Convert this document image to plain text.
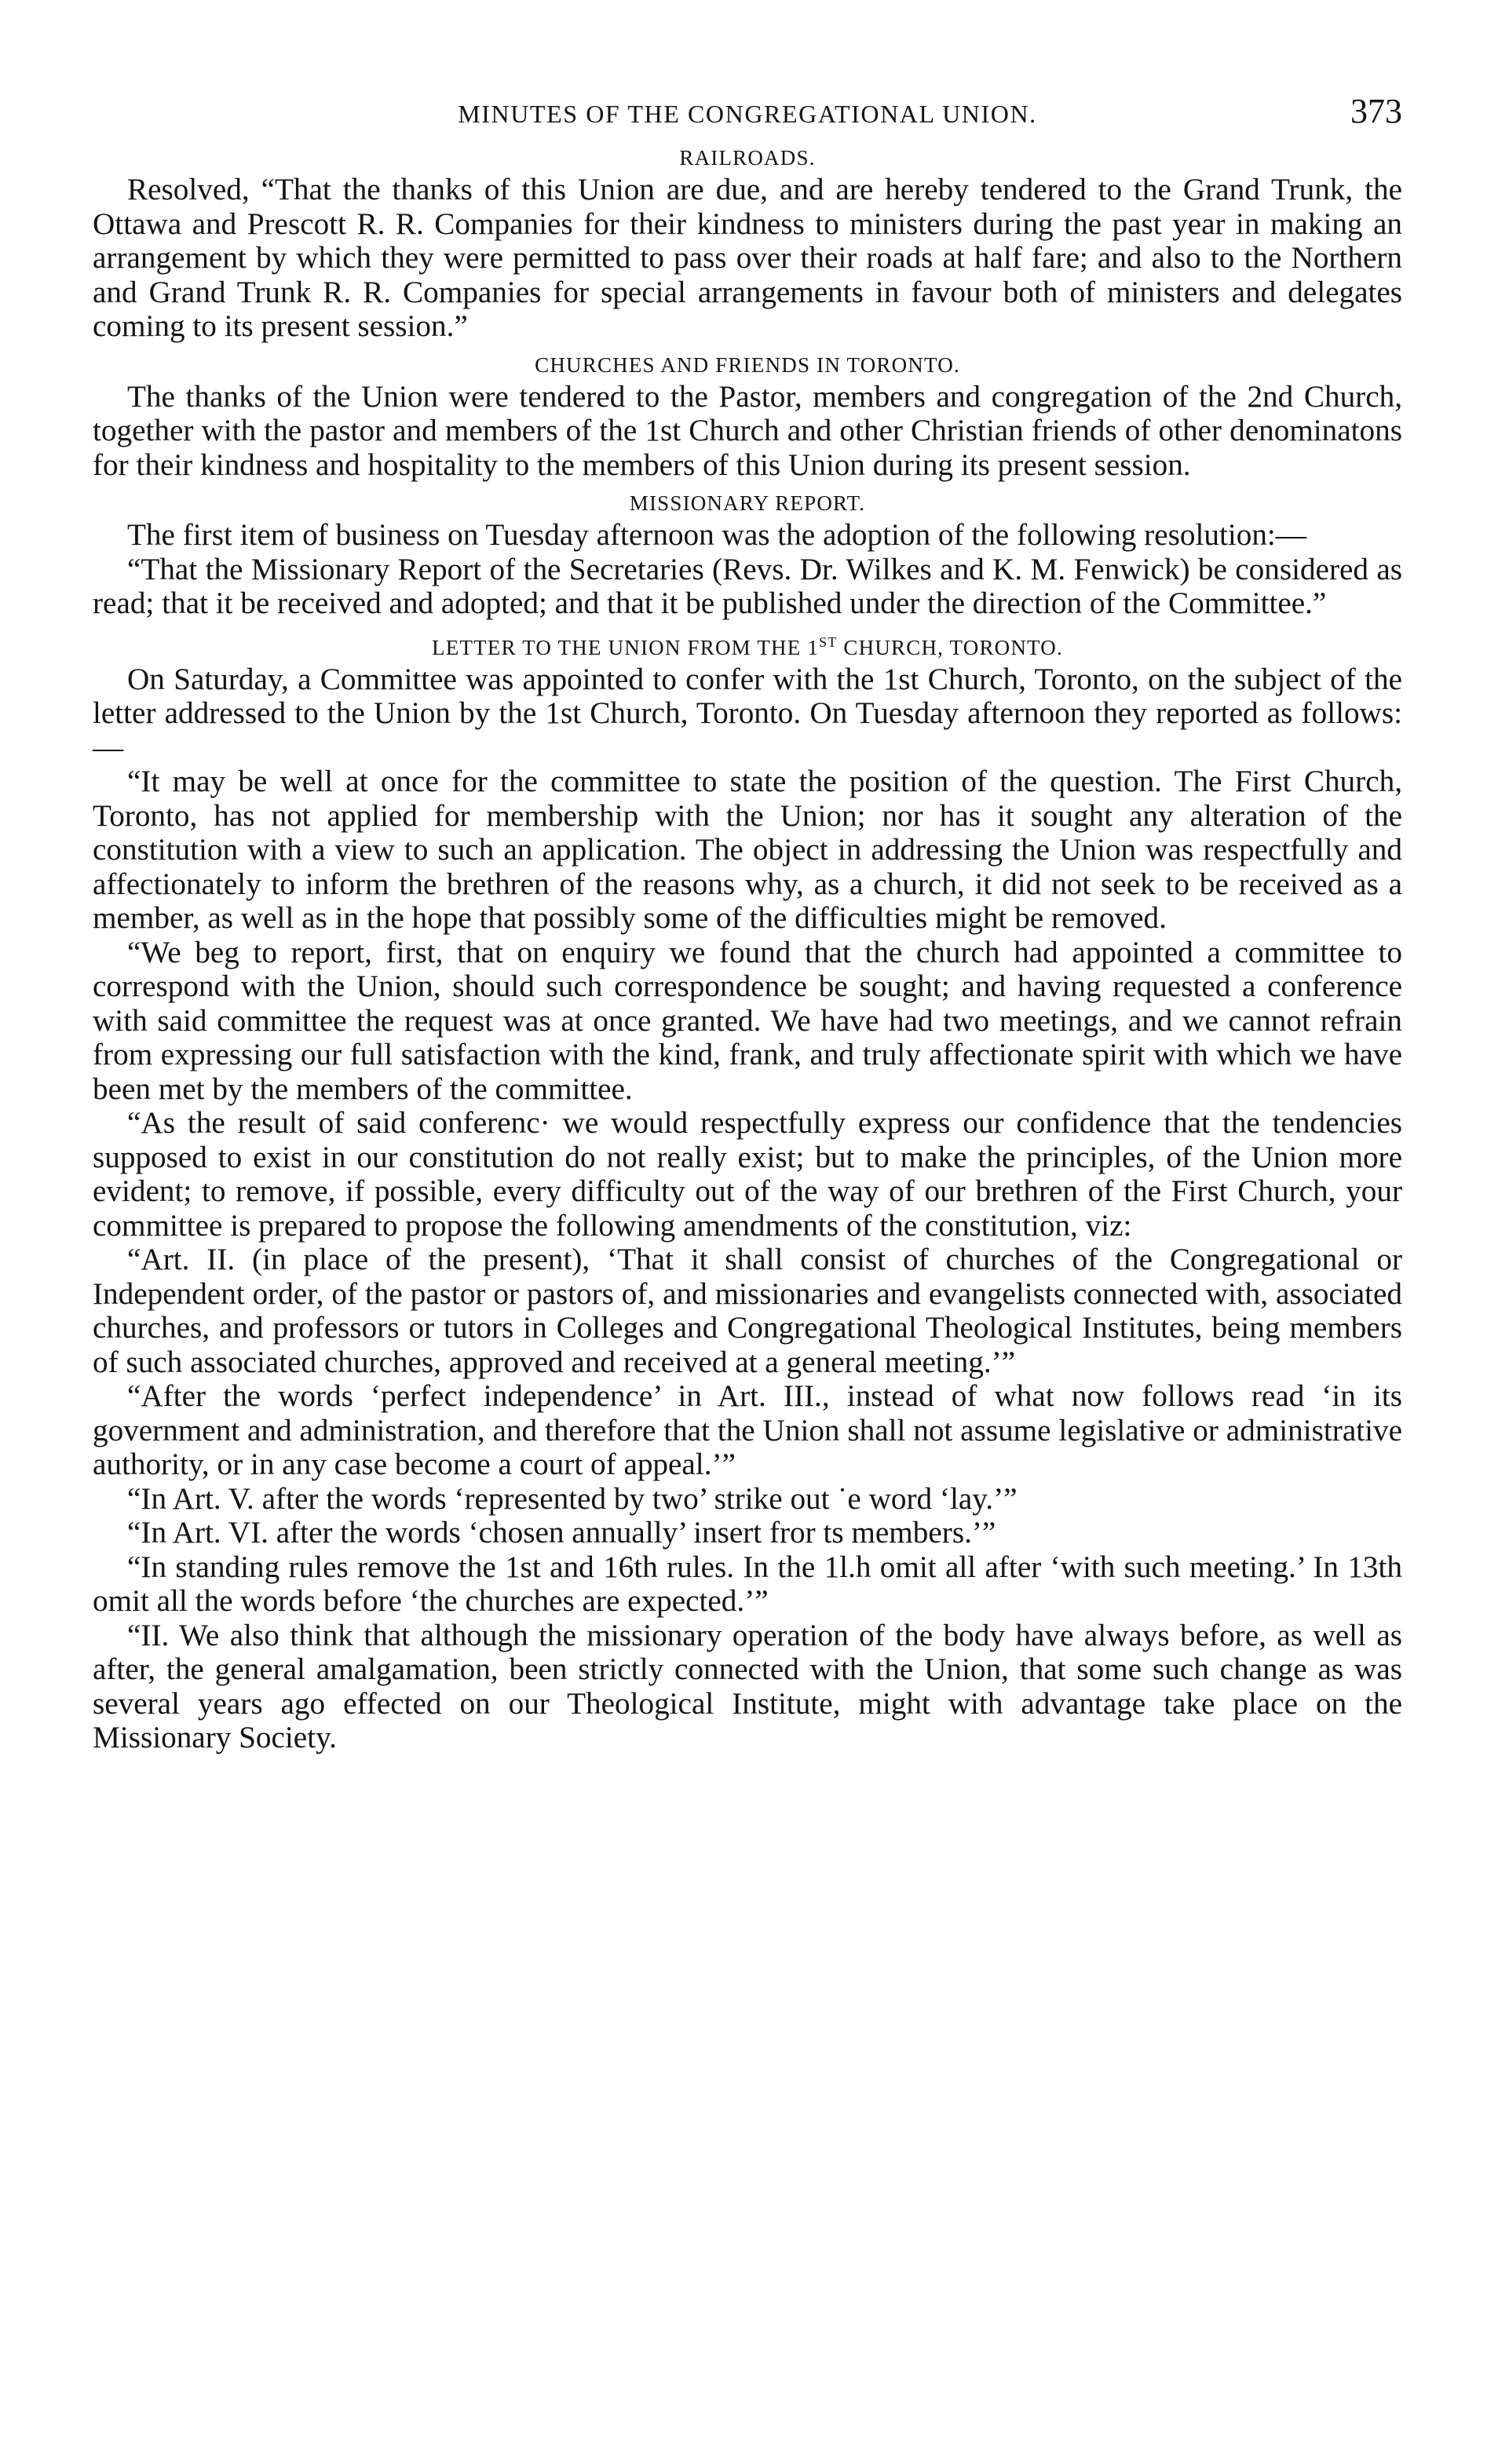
MINUTES OF THE CONGREGATIONAL UNION.	373
RAILROADS.

Resolved, “That the thanks of this Union are due, and are hereby tendered to the Grand Trunk, the Ottawa and Prescott R. R. Companies for their kindness to ministers during the past year in making an arrangement by which they were permitted to pass over their roads at half fare; and also to the Northern and Grand Trunk R. R. Companies for special arrangements in favour both of ministers and delegates coming to its present session.”

CHURCHES AND FRIENDS IN TORONTO.

The thanks of the Union were tendered to the Pastor, members and congregation of the 2nd Church, together with the pastor and members of the 1st Church and other Christian friends of other denominatons for their kindness and hospitality to the members of this Union during its present session.

MISSIONARY REPORT.

The first item of business on Tuesday afternoon was the adoption of the following resolution:—

“That the Missionary Report of the Secretaries (Revs. Dr. Wilkes and K. M. Fenwick) be considered as read; that it be received and adopted; and that it be published under the direction of the Committee.”

LETTER TO THE UNION FROM THE 1ST CHURCH, TORONTO.

On Saturday, a Committee was appointed to confer with the 1st Church, Toronto, on the subject of the letter addressed to the Union by the 1st Church, Toronto. On Tuesday afternoon they reported as follows:—

“It may be well at once for the committee to state the position of the question. The First Church, Toronto, has not applied for membership with the Union; nor has it sought any alteration of the constitution with a view to such an application. The object in addressing the Union was respectfully and affectionately to inform the brethren of the reasons why, as a church, it did not seek to be received as a member, as well as in the hope that possibly some of the difficulties might be removed.

“We beg to report, first, that on enquiry we found that the church had appointed a committee to correspond with the Union, should such correspondence be sought; and having requested a conference with said committee the request was at once granted. We have had two meetings, and we cannot refrain from expressing our full satisfaction with the kind, frank, and truly affectionate spirit with which we have been met by the members of the committee.

“As the result of said conferenc· we would respectfully express our confidence that the tendencies supposed to exist in our constitution do not really exist; but to make the principles, of the Union more evident; to remove, if possible, every difficulty out of the way of our brethren of the First Church, your committee is prepared to propose the following amendments of the constitution, viz:

“Art. II. (in place of the present), ‘That it shall consist of churches of the Congregational or Independent order, of the pastor or pastors of, and missionaries and evangelists connected with, associated churches, and professors or tutors in Colleges and Congregational Theological Institutes, being members of such associated churches, approved and received at a general meeting.’”

“After the words ‘perfect independence’ in Art. III., instead of what now follows read ‘in its government and administration, and therefore that the Union shall not assume legislative or administrative authority, or in any case become a court of appeal.’”

“In Art. V. after the words ‘represented by two’ strike out ˙e word ‘lay.’”

“In Art. VI. after the words ‘chosen annually’ insert fror ts members.’”

“In standing rules remove the 1st and 16th rules. In the 1l.h omit all after ‘with such meeting.’ In 13th omit all the words before ‘the churches are expected.’”

“II. We also think that although the missionary operation of the body have always before, as well as after, the general amalgamation, been strictly connected with the Union, that some such change as was several years ago effected on our Theological Institute, might with advantage take place on the Missionary Society.
